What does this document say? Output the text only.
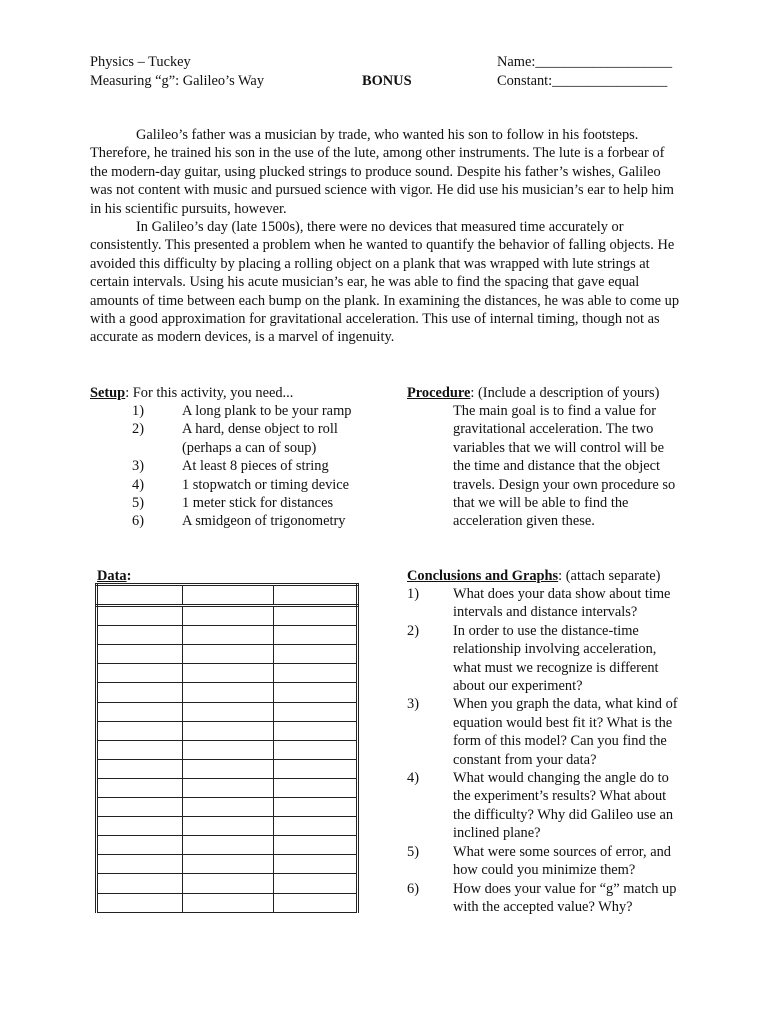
Physics – Tuckey
Measuring “g”: Galileo’s Way	BONUS
Name:___________________
Constant:________________

Galileo’s father was a musician by trade, who wanted his son to follow in his footsteps. Therefore, he trained his son in the use of the lute, among other instruments. The lute is a forbear of the modern-day guitar, using plucked strings to produce sound. Despite his father’s wishes, Galileo was not content with music and pursued science with vigor. He did use his musician’s ear to help him in his scientific pursuits, however.

In Galileo’s day (late 1500s), there were no devices that measured time accurately or consistently. This presented a problem when he wanted to quantify the behavior of falling objects. He avoided this difficulty by placing a rolling object on a plank that was wrapped with lute strings at certain intervals. Using his acute musician’s ear, he was able to find the spacing that gave equal amounts of time between each bump on the plank. In examining the distances, he was able to come up with a good approximation for gravitational acceleration. This use of internal timing, though not as accurate as modern devices, is a marvel of ingenuity.

Setup: For this activity, you need...
1)	A long plank to be your ramp
2)	A hard, dense object to roll
(perhaps a can of soup)
3)	At least 8 pieces of string
4)	1 stopwatch or timing device
5)	1 meter stick for distances
6)	A smidgeon of trigonometry
Procedure: (Include a description of yours)
The main goal is to find a value for gravitational acceleration. The two variables that we will control will be the time and distance that the object travels. Design your own procedure so that we will be able to find the acceleration given these.
Data:

			Conclusions and Graphs: (attach separate)
1)	What does your data show about time intervals and distance intervals?
2)	In order to use the distance-time relationship involving acceleration, what must we recognize is different about our experiment?
3)	When you graph the data, what kind of equation would best fit it? What is the form of this model? Can you find the constant from your data?
4)	What would changing the angle do to the experiment’s results? What about the difficulty? Why did Galileo use an inclined plane?
5)	What were some sources of error, and how could you minimize them?
6)	How does your value for “g” match up with the accepted value? Why?
